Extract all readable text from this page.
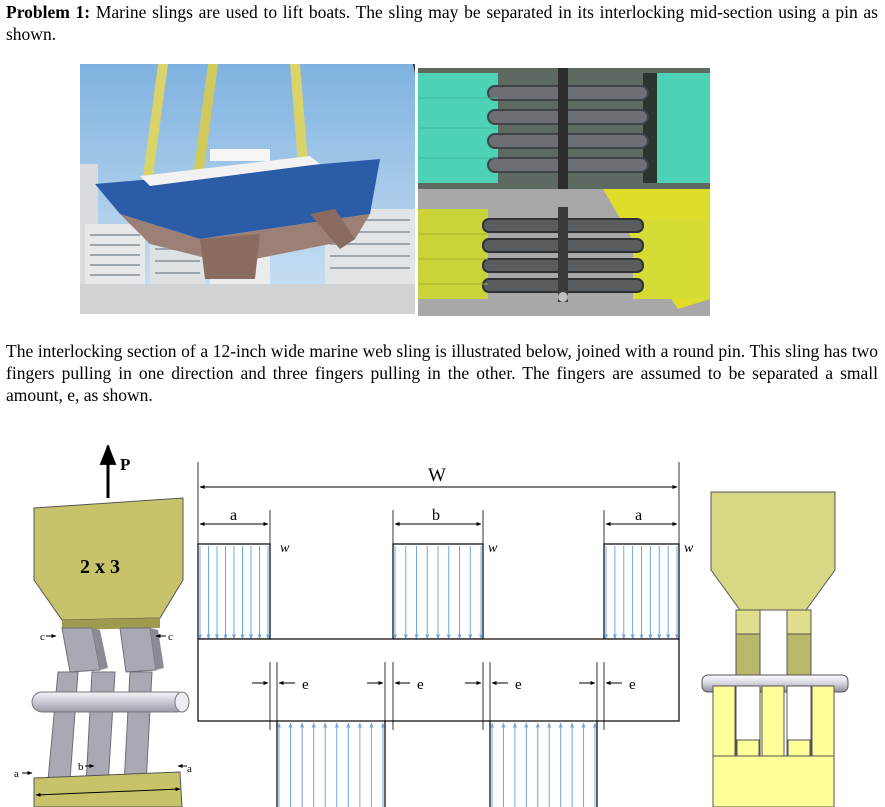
Problem 1: Marine slings are used to lift boats. The sling may be separated in its interlocking mid-section using a pin as shown.
The interlocking section of a 12-inch wide marine web sling is illustrated below, joined with a round pin. This sling has two fingers pulling in one direction and three fingers pulling in the other. The fingers are assumed to be separated a small amount, e, as shown.
P
2 x 3
c	c
b	a
a
W
a	b	a
w	w	w
e	e	e	e
